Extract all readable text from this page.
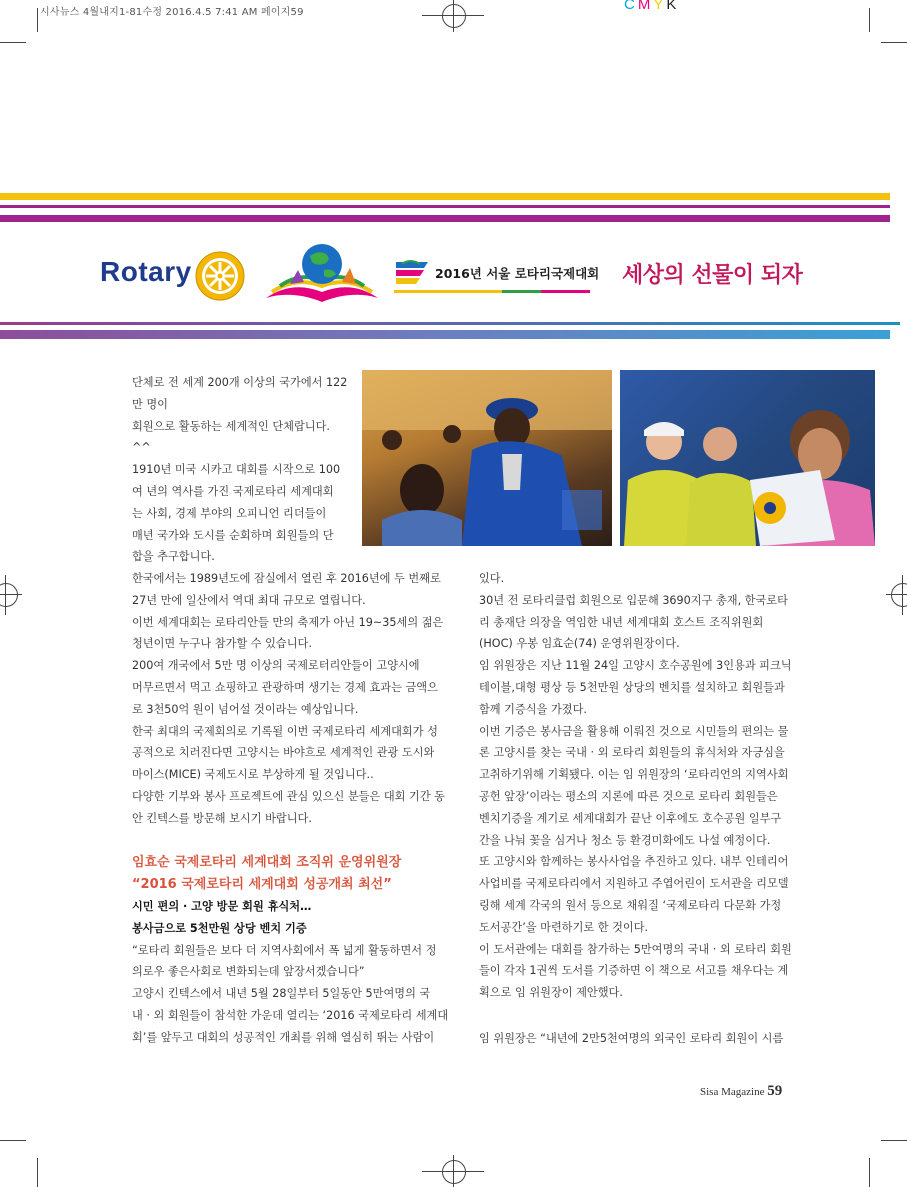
시사뉴스 4월내지1-81수정 2016.4.5 7:41 AM 페이지59	CMYK
Rotary	2016년 서울 로타리국제대회 세상의 선물이 되자

단체로 전 세계 200개 이상의 국가에서 122

만 명이

회원으로 활동하는 세계적인 단체랍니다.

^^

1910년 미국 시카고 대회를 시작으로 100

여 년의 역사를 가진 국제로타리 세계대회

는 사회, 경제 부야의 오피니언 리더들이

매년 국가와 도시를 순회하며 회원들의 단

합을 추구합니다.

한국에서는 1989년도에 잠실에서 열린 후 2016년에 두 번째로

27년 만에 일산에서 역대 최대 규모로 열립니다.

이번 세계대회는 로타리안들 만의 축제가 아닌 19~35세의 젊은

청년이면 누구나 참가할 수 있습니다.

200여 개국에서 5만 명 이상의 국제로터리안들이 고양시에

머무르면서 먹고 쇼핑하고 관광하며 생기는 경제 효과는 금액으

로 3천50억 원이 넘어설 것이라는 예상입니다.

한국 최대의 국제회의로 기록될 이번 국제로타리 세계대회가 성

공적으로 치러진다면 고양시는 바야흐로 세계적인 관광 도시와

마이스(MICE) 국제도시로 부상하게 될 것입니다..

다양한 기부와 봉사 프로젝트에 관심 있으신 분들은 대회 기간 동

안 킨텍스를 방문해 보시기 바랍니다.

임효순 국제로타리 세계대회 조직위 운영위원장

“2016 국제로타리 세계대회 성공개최 최선”

시민 편의 · 고양 방문 회원 휴식처…

봉사금으로 5천만원 상당 벤치 기증

“로타리 회원들은 보다 더 지역사회에서 폭 넓게 활동하면서 정

의로우 좋은사회로 변화되는데 앞장서겠습니다”

고양시 킨텍스에서 내년 5월 28일부터 5일동안 5만여명의 국

내 · 외 회원들이 참석한 가운데 열리는 ‘2016 국제로타리 세계대

회’를 앞두고 대회의 성공적인 개최를 위해 열심히 뛰는 사람이

있다.

30년 전 로타리클럽 회원으로 입문해 3690지구 총재, 한국로타

리 총재단 의장을 역임한 내년 세계대회 호스트 조직위원회

(HOC) 우봉 임효순(74) 운영위원장이다.

임 위원장은 지난 11월 24일 고양시 호수공원에 3인용과 피크닉

테이블,대형 평상 등 5천만원 상당의 벤치를 설치하고 회원들과

함께 기증식을 가졌다.

이번 기증은 봉사금을 활용해 이뤄진 것으로 시민들의 편의는 물

론 고양시를 찾는 국내 · 외 로타리 회원들의 휴식처와 자긍심을

고취하기위해 기획됐다. 이는 임 위원장의 ‘로타리언의 지역사회

공헌 앞장’이라는 평소의 지론에 따른 것으로 로타리 회원들은

벤치기증을 계기로 세계대회가 끝난 이후에도 호수공원 일부구

간을 나눠 꽃을 심거나 청소 등 환경미화에도 나설 예정이다.

또 고양시와 함께하는 봉사사업을 추진하고 있다. 내부 인테리어

사업비를 국제로타리에서 지원하고 주엽어린이 도서관을 리모델

링해 세계 각국의 원서 등으로 채워질 ‘국제로타리 다문화 가정

도서공간’을 마련하기로 한 것이다.

이 도서관에는 대회를 참가하는 5만여명의 국내 · 외 로타리 회원

들이 각자 1권씩 도서를 기증하면 이 책으로 서고를 채우다는 계

획으로 임 위원장이 제안했다.

임 위원장은 “내년에 2만5천여명의 외국인 로타리 회원이 시름

Sisa Magazine 59
